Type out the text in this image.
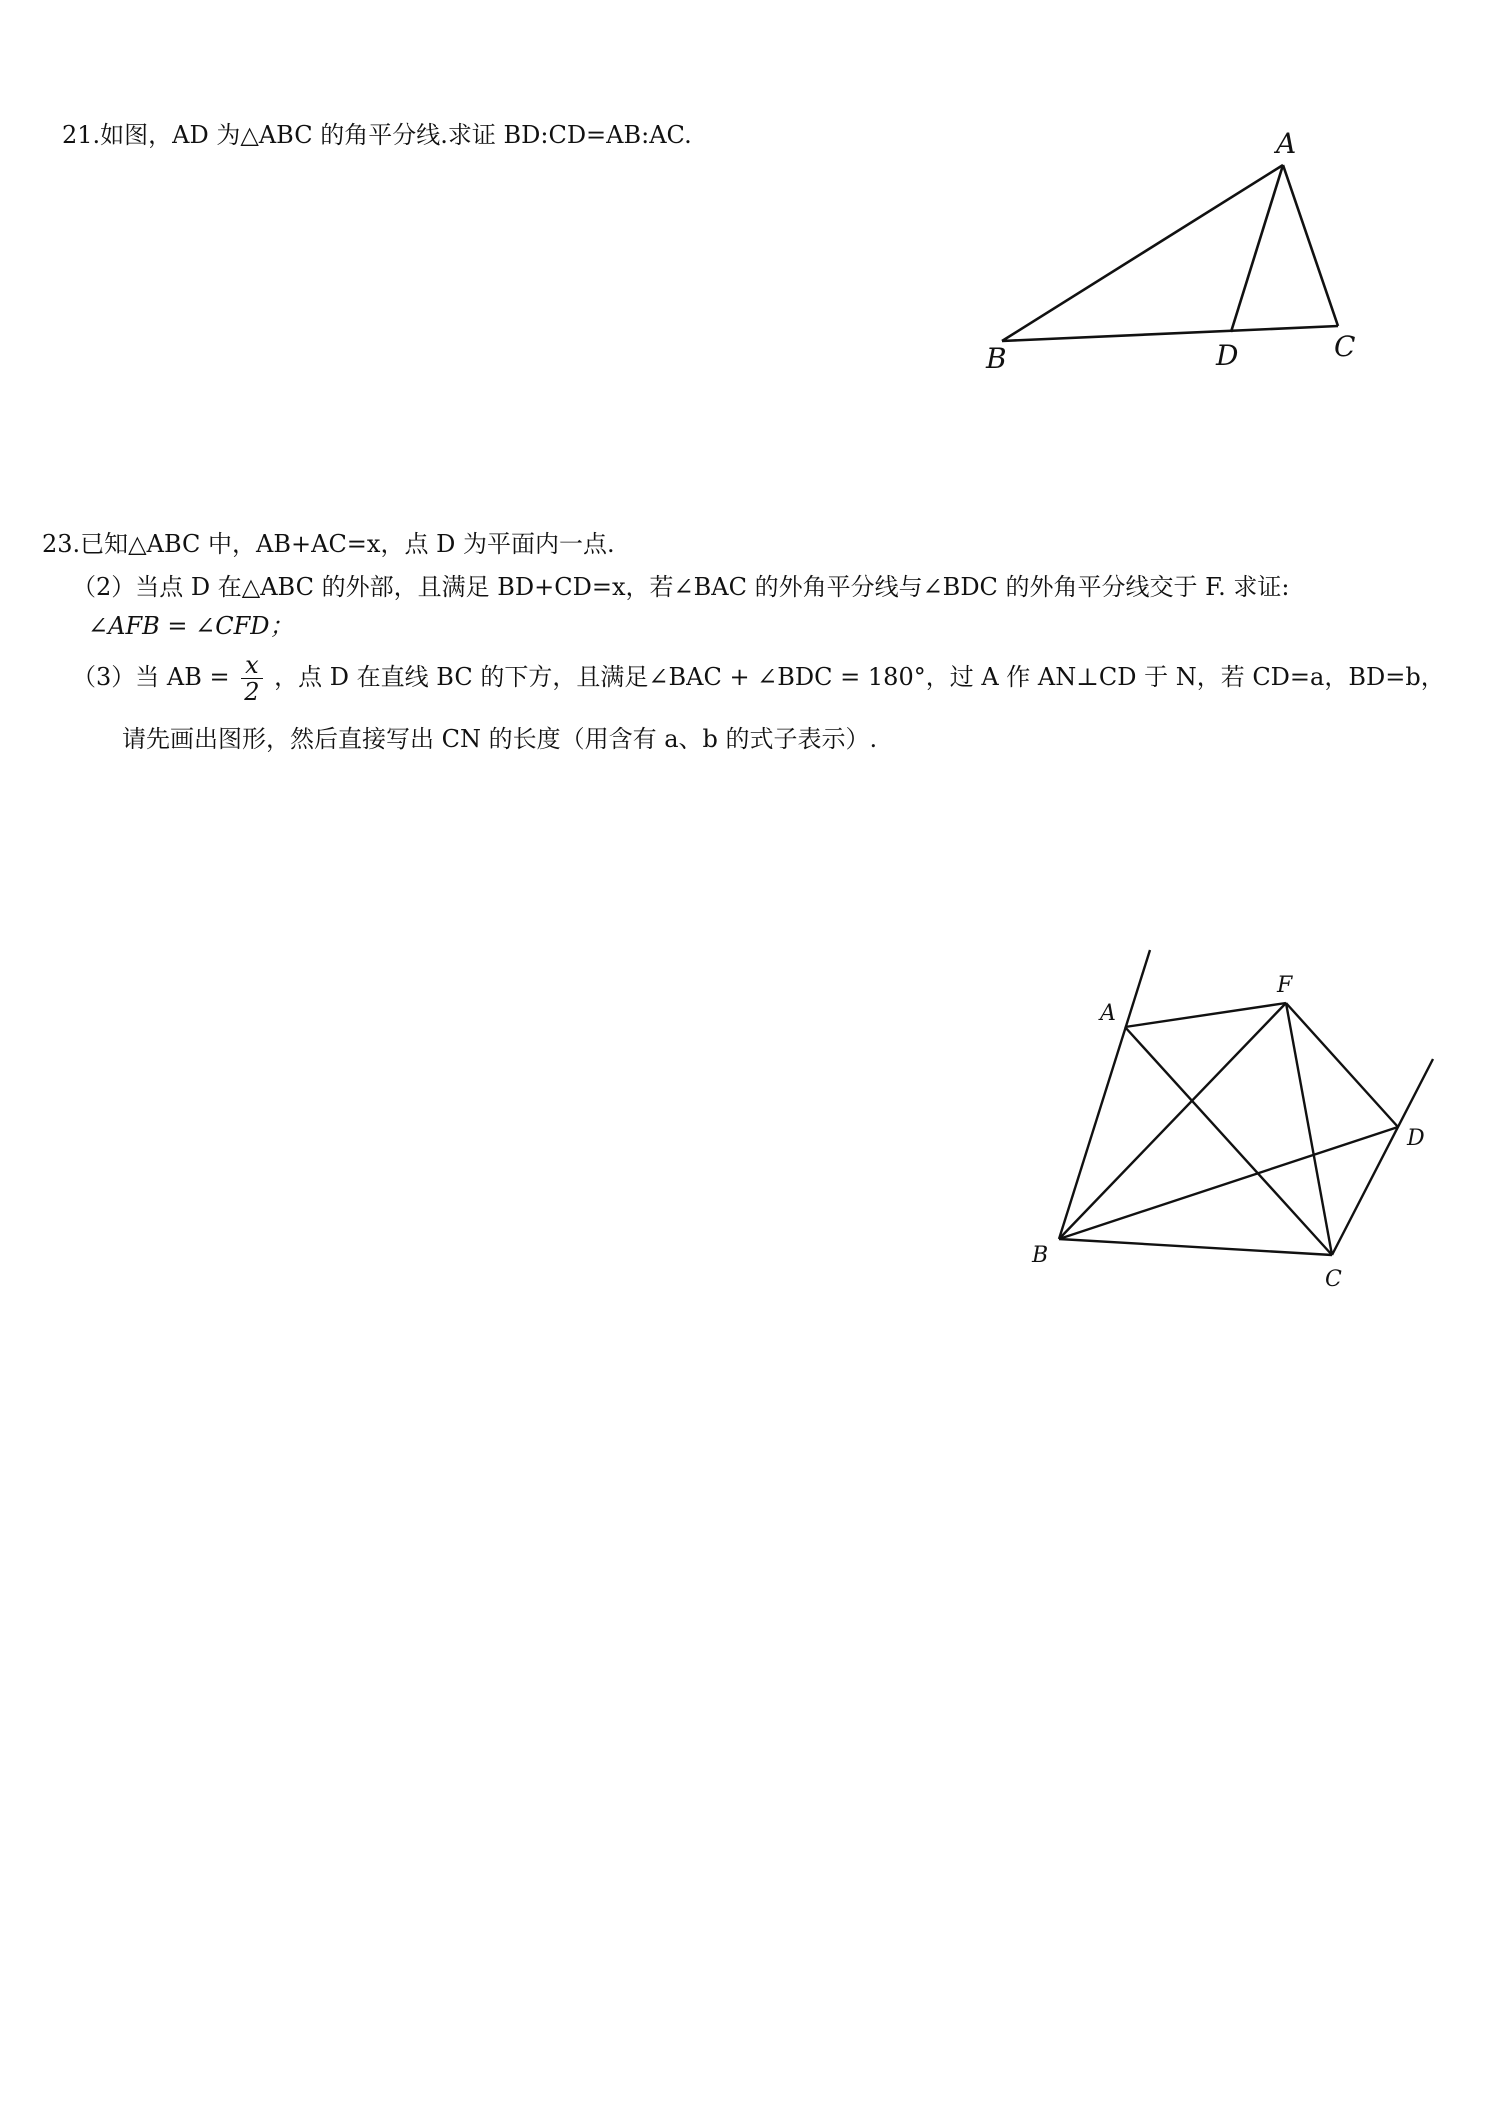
21.如图，AD 为△ABC 的角平分线.求证 BD:CD=AB:AC.
23.已知△ABC 中，AB+AC=x，点 D 为平面内一点.
（2）当点 D 在△ABC 的外部，且满足 BD+CD=x，若∠BAC 的外角平分线与∠BDC 的外角平分线交于 F. 求证:
∠AFB = ∠CFD；
（3）当 AB = $\frac{x}{2}$ ，点 D 在直线 BC 的下方，且满足∠BAC + ∠BDC = 180°，过 A 作 AN⊥CD 于 N，若 CD=a，BD=b，
请先画出图形，然后直接写出 CN 的长度（用含有 a、b 的式子表示）.
A
B	D	C
A
F
D
B
C
